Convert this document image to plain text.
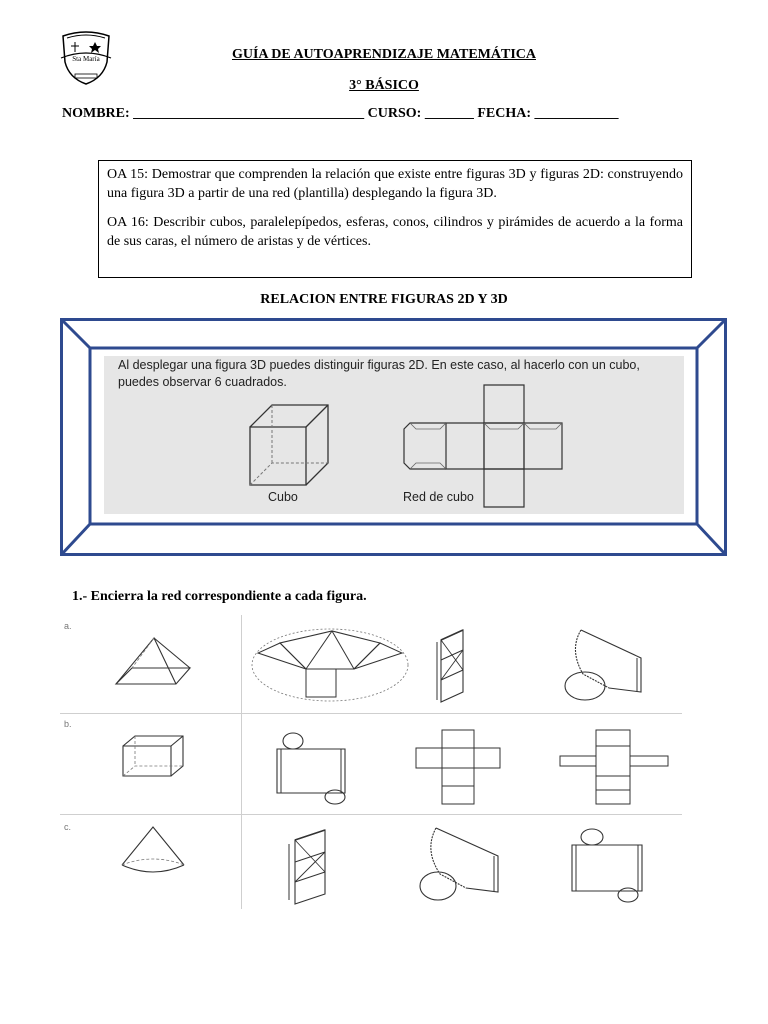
Sta María	GUÍA DE AUTOAPRENDIZAJE MATEMÁTICA
3° BÁSICO
NOMBRE: _________________________________ CURSO: _______ FECHA: ____________

OA 15: Demostrar que comprenden la relación que existe entre figuras 3D y figuras 2D: construyendo una figura 3D a partir de una red (plantilla) desplegando la figura 3D.

OA 16: Describir cubos, paralelepípedos, esferas, conos, cilindros y pirámides de acuerdo a la forma de sus caras, el número de aristas y de vértices.

RELACION ENTRE FIGURAS 2D Y 3D
Al desplegar una figura 3D puedes distinguir figuras 2D. En este caso, al hacerlo con un cubo, puedes observar 6 cuadrados.
Cubo	Red de cubo
1.- Encierra la red correspondiente a cada figura.
a.
b.
c.
